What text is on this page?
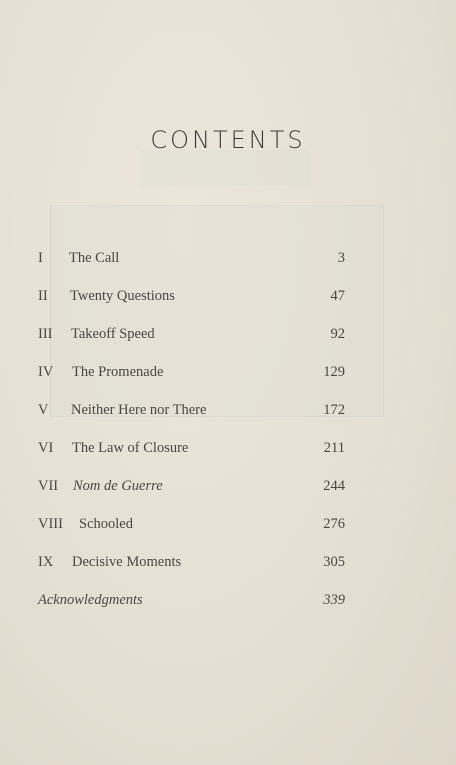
CONTENTS
I The Call	3
II Twenty Questions	47
III Takeoff Speed	92
IV The Promenade	129
V Neither Here nor There	172
VI The Law of Closure	211
VII Nom de Guerre	244
VIII Schooled	276
IX Decisive Moments	305
Acknowledgments	339
